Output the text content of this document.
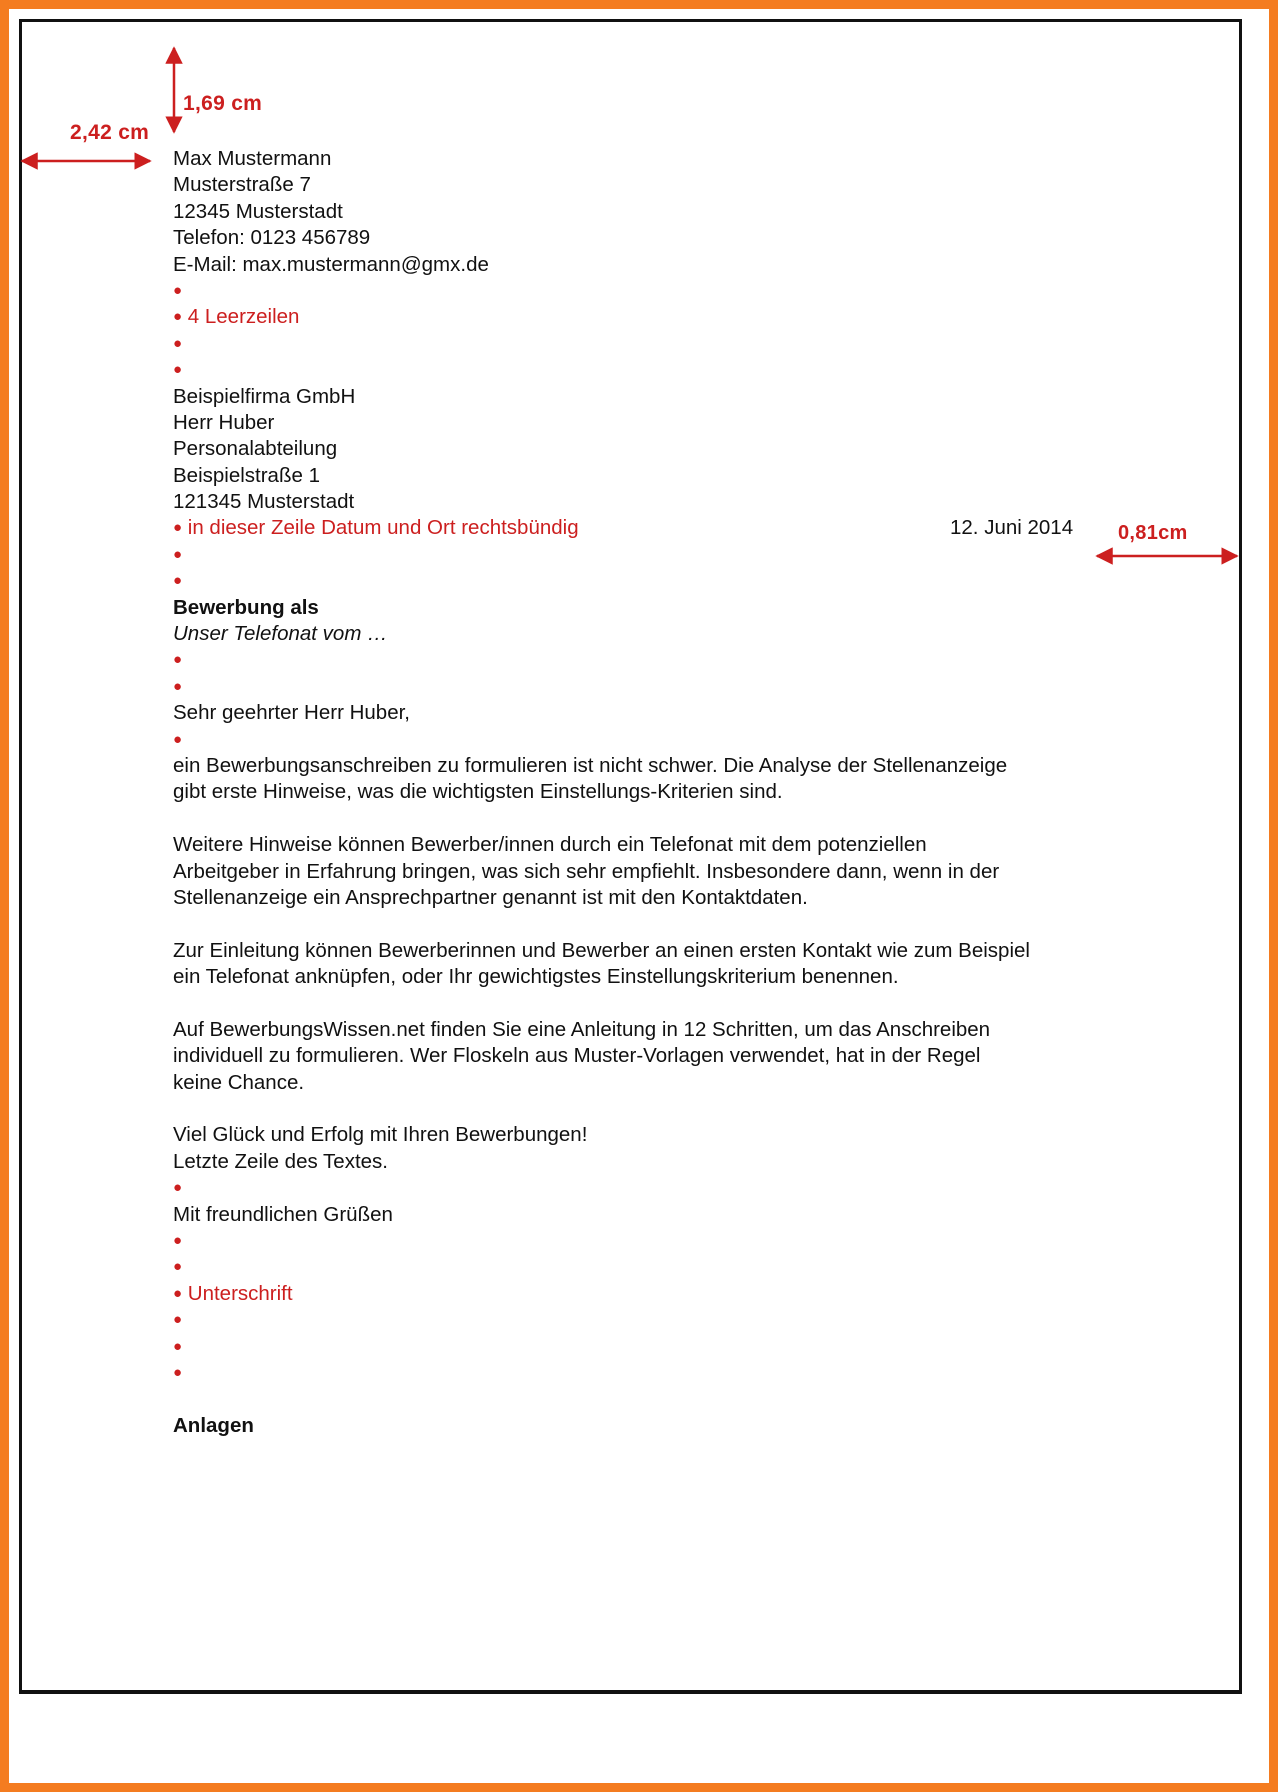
1,69 cm
2,42 cm
0,81cm
Max Mustermann
Musterstraße 7
12345 Musterstadt
Telefon: 0123 456789
E-Mail: max.mustermann@gmx.de
●
● 4 Leerzeilen
●
●
Beispielfirma GmbH
Herr Huber
Personalabteilung
Beispielstraße 1
121345 Musterstadt
● in dieser Zeile Datum und Ort rechtsbündig	12. Juni 2014
●
●
Bewerbung als
Unser Telefonat vom …
●
●
Sehr geehrter Herr Huber,
●
ein Bewerbungsanschreiben zu formulieren ist nicht schwer. Die Analyse der Stellenanzeige
gibt erste Hinweise, was die wichtigsten Einstellungs-Kriterien sind.
Weitere Hinweise können Bewerber/innen durch ein Telefonat mit dem potenziellen
Arbeitgeber in Erfahrung bringen, was sich sehr empfiehlt. Insbesondere dann, wenn in der
Stellenanzeige ein Ansprechpartner genannt ist mit den Kontaktdaten.
Zur Einleitung können Bewerberinnen und Bewerber an einen ersten Kontakt wie zum Beispiel
ein Telefonat anknüpfen, oder Ihr gewichtigstes Einstellungskriterium benennen.
Auf BewerbungsWissen.net finden Sie eine Anleitung in 12 Schritten, um das Anschreiben
individuell zu formulieren. Wer Floskeln aus Muster-Vorlagen verwendet, hat in der Regel
keine Chance.
Viel Glück und Erfolg mit Ihren Bewerbungen!
Letzte Zeile des Textes.
●
Mit freundlichen Grüßen
●
●
● Unterschrift
●
●
●
Anlagen
